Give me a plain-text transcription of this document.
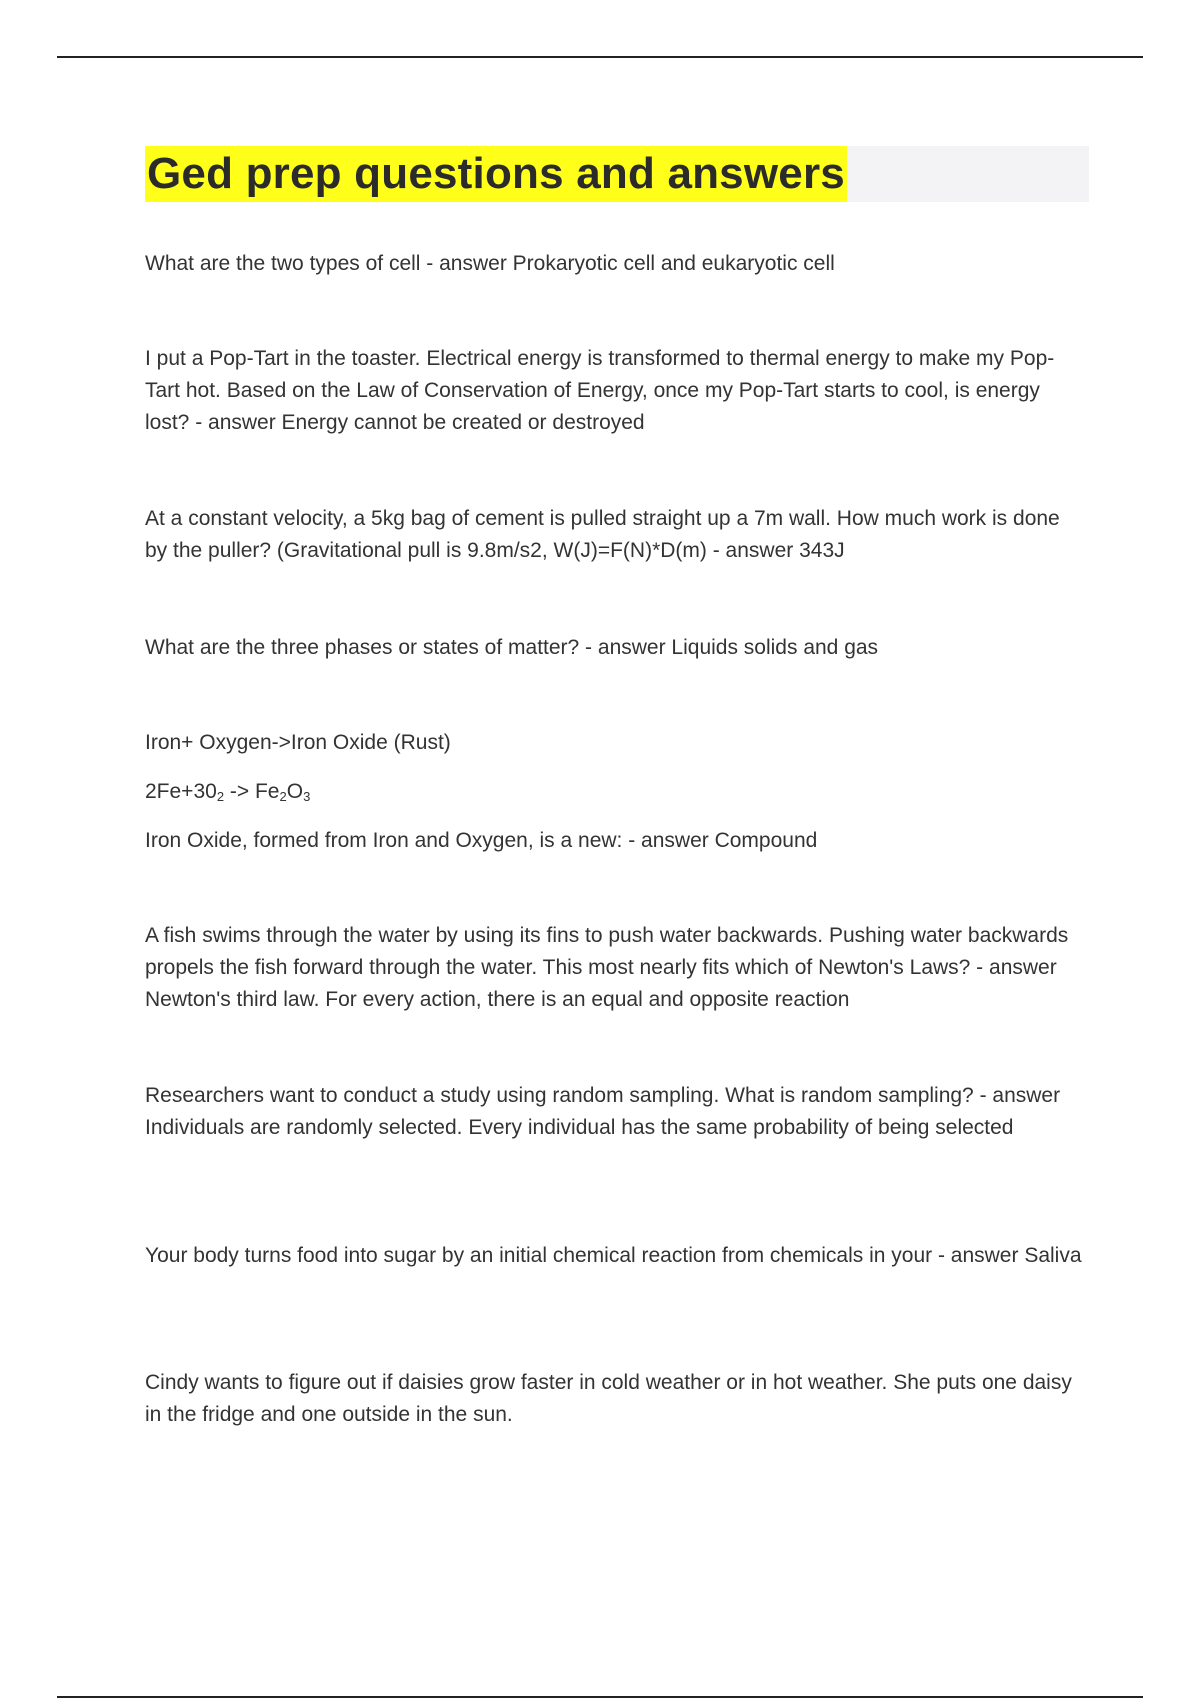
Ged prep questions and answers

What are the two types of cell - answer Prokaryotic cell and eukaryotic cell

I put a Pop-Tart in the toaster. Electrical energy is transformed to thermal energy to make my Pop-Tart hot. Based on the Law of Conservation of Energy, once my Pop-Tart starts to cool, is energy lost? - answer Energy cannot be created or destroyed

At a constant velocity, a 5kg bag of cement is pulled straight up a 7m wall. How much work is done by the puller? (Gravitational pull is 9.8m/s2, W(J)=F(N)*D(m) - answer 343J

What are the three phases or states of matter? - answer Liquids solids and gas

Iron+ Oxygen->Iron Oxide (Rust)

$2Fe+30_2 -> Fe_2O_3$

Iron Oxide, formed from Iron and Oxygen, is a new: - answer Compound

A fish swims through the water by using its fins to push water backwards. Pushing water backwards propels the fish forward through the water. This most nearly fits which of Newton's Laws? - answer Newton's third law. For every action, there is an equal and opposite reaction

Researchers want to conduct a study using random sampling. What is random sampling? - answer Individuals are randomly selected. Every individual has the same probability of being selected

Your body turns food into sugar by an initial chemical reaction from chemicals in your - answer Saliva

Cindy wants to figure out if daisies grow faster in cold weather or in hot weather. She puts one daisy in the fridge and one outside in the sun.
